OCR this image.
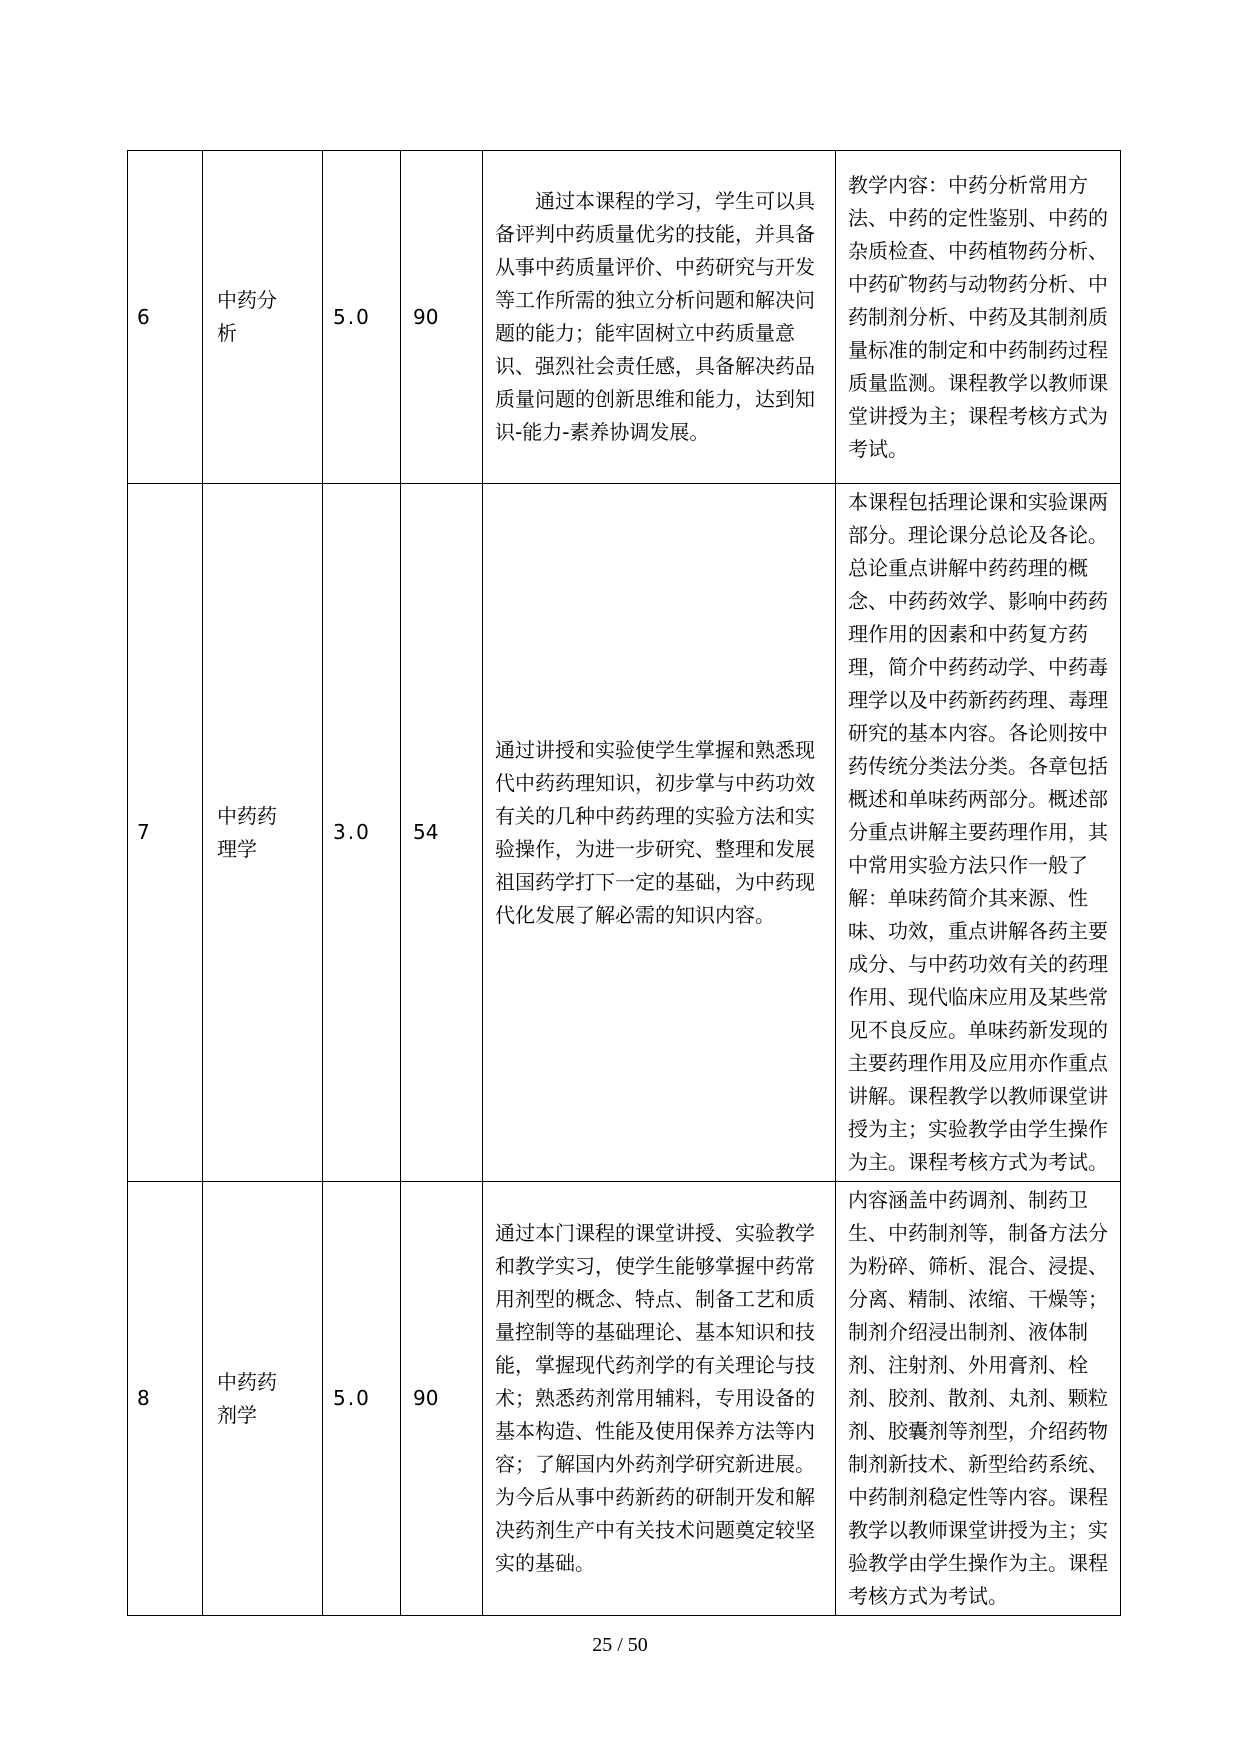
6	中药分析	5.0	90	通过本课程的学习，学生可以具备评判中药质量优劣的技能，并具备从事中药质量评价、中药研究与开发等工作所需的独立分析问题和解决问题的能力；能牢固树立中药质量意识、强烈社会责任感，具备解决药品质量问题的创新思维和能力，达到知识-能力-素养协调发展。	教学内容：中药分析常用方法、中药的定性鉴别、中药的杂质检查、中药植物药分析、中药矿物药与动物药分析、中药制剂分析、中药及其制剂质量标准的制定和中药制药过程质量监测。课程教学以教师课堂讲授为主；课程考核方式为考试。

7	中药药理学	3.0	54	通过讲授和实验使学生掌握和熟悉现代中药药理知识，初步掌与中药功效有关的几种中药药理的实验方法和实验操作，为进一步研究、整理和发展祖国药学打下一定的基础，为中药现代化发展了解必需的知识内容。	本课程包括理论课和实验课两部分。理论课分总论及各论。总论重点讲解中药药理的概念、中药药效学、影响中药药理作用的因素和中药复方药理，简介中药药动学、中药毒理学以及中药新药药理、毒理研究的基本内容。各论则按中药传统分类法分类。各章包括概述和单味药两部分。概述部分重点讲解主要药理作用，其中常用实验方法只作一般了解：单味药简介其来源、性味、功效，重点讲解各药主要成分、与中药功效有关的药理作用、现代临床应用及某些常见不良反应。单味药新发现的主要药理作用及应用亦作重点讲解。课程教学以教师课堂讲授为主；实验教学由学生操作为主。课程考核方式为考试。

8	中药药剂学	5.0	90	通过本门课程的课堂讲授、实验教学和教学实习，使学生能够掌握中药常用剂型的概念、特点、制备工艺和质量控制等的基础理论、基本知识和技能，掌握现代药剂学的有关理论与技术；熟悉药剂常用辅料，专用设备的基本构造、性能及使用保养方法等内容；了解国内外药剂学研究新进展。为今后从事中药新药的研制开发和解决药剂生产中有关技术问题奠定较坚实的基础。	内容涵盖中药调剂、制药卫生、中药制剂等，制备方法分为粉碎、筛析、混合、浸提、分离、精制、浓缩、干燥等；制剂介绍浸出制剂、液体制剂、注射剂、外用膏剂、栓剂、胶剂、散剂、丸剂、颗粒剂、胶囊剂等剂型，介绍药物制剂新技术、新型给药系统、中药制剂稳定性等内容。课程教学以教师课堂讲授为主；实验教学由学生操作为主。课程考核方式为考试。
25 / 50
